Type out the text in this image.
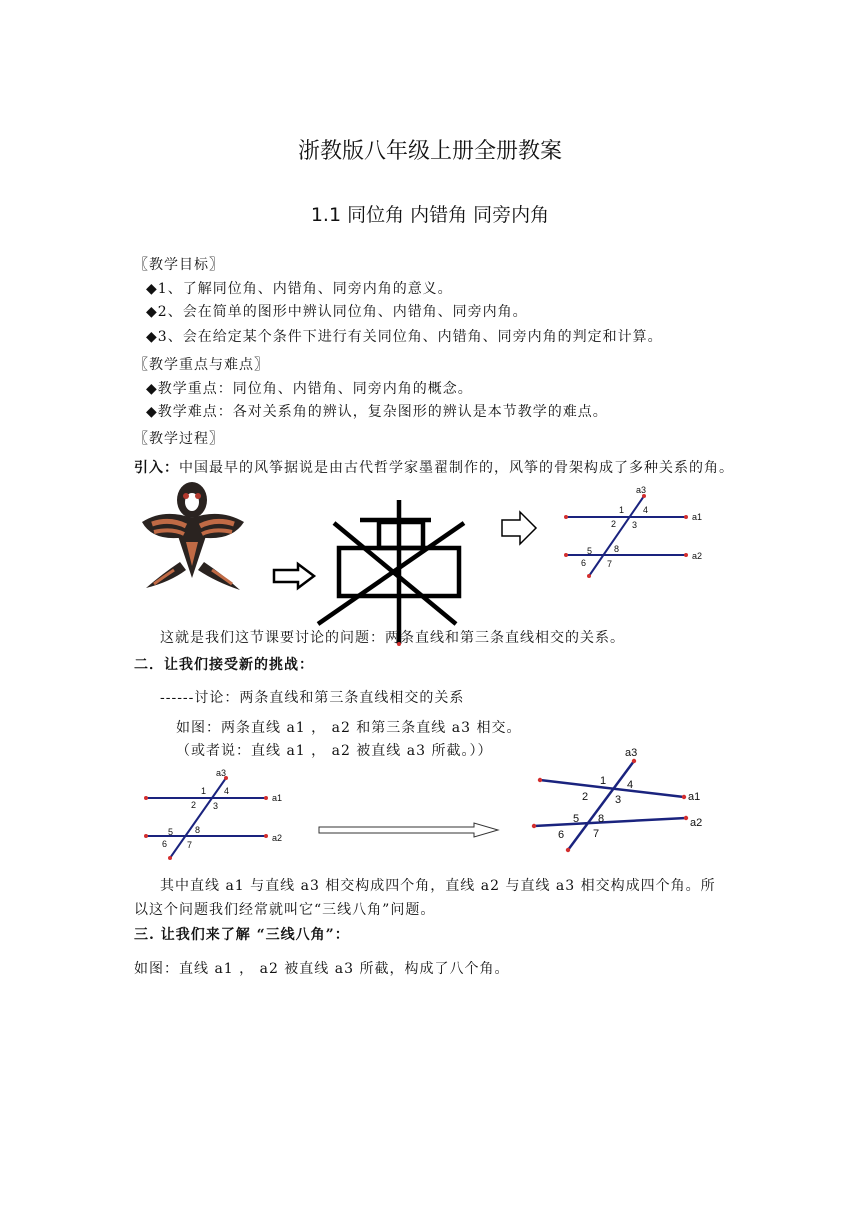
浙教版八年级上册全册教案
1.1 同位角 内错角 同旁内角
〖教学目标〗
◆1、了解同位角、内错角、同旁内角的意义。
◆2、会在简单的图形中辨认同位角、内错角、同旁内角。
◆3、会在给定某个条件下进行有关同位角、内错角、同旁内角的判定和计算。
〖教学重点与难点〗
◆教学重点：同位角、内错角、同旁内角的概念。
◆教学难点：各对关系角的辨认，复杂图形的辨认是本节教学的难点。
〖教学过程〗
引入：中国最早的风筝据说是由古代哲学家墨翟制作的，风筝的骨架构成了多种关系的角。
a1
a2
a3
1
2 3
4
5
6 7
8
这就是我们这节课要讨论的问题：两条直线和第三条直线相交的关系。
二．让我们接受新的挑战：
------讨论：两条直线和第三条直线相交的关系
如图：两条直线 a1 ， a2 和第三条直线 a3 相交。
（或者说：直线 a1 ， a2 被直线 a3 所截。））
a1
a2
a3
1
2 3
4
5
6 7
8
a1
a2
a3
1
2 3
4
5
6	7
8
其中直线 a1 与直线 a3 相交构成四个角，直线 a2 与直线 a3 相交构成四个角。所
以这个问题我们经常就叫它“三线八角”问题。
三. 让我们来了解 “三线八角”：
如图：直线 a1 ， a2 被直线 a3 所截，构成了八个角。
